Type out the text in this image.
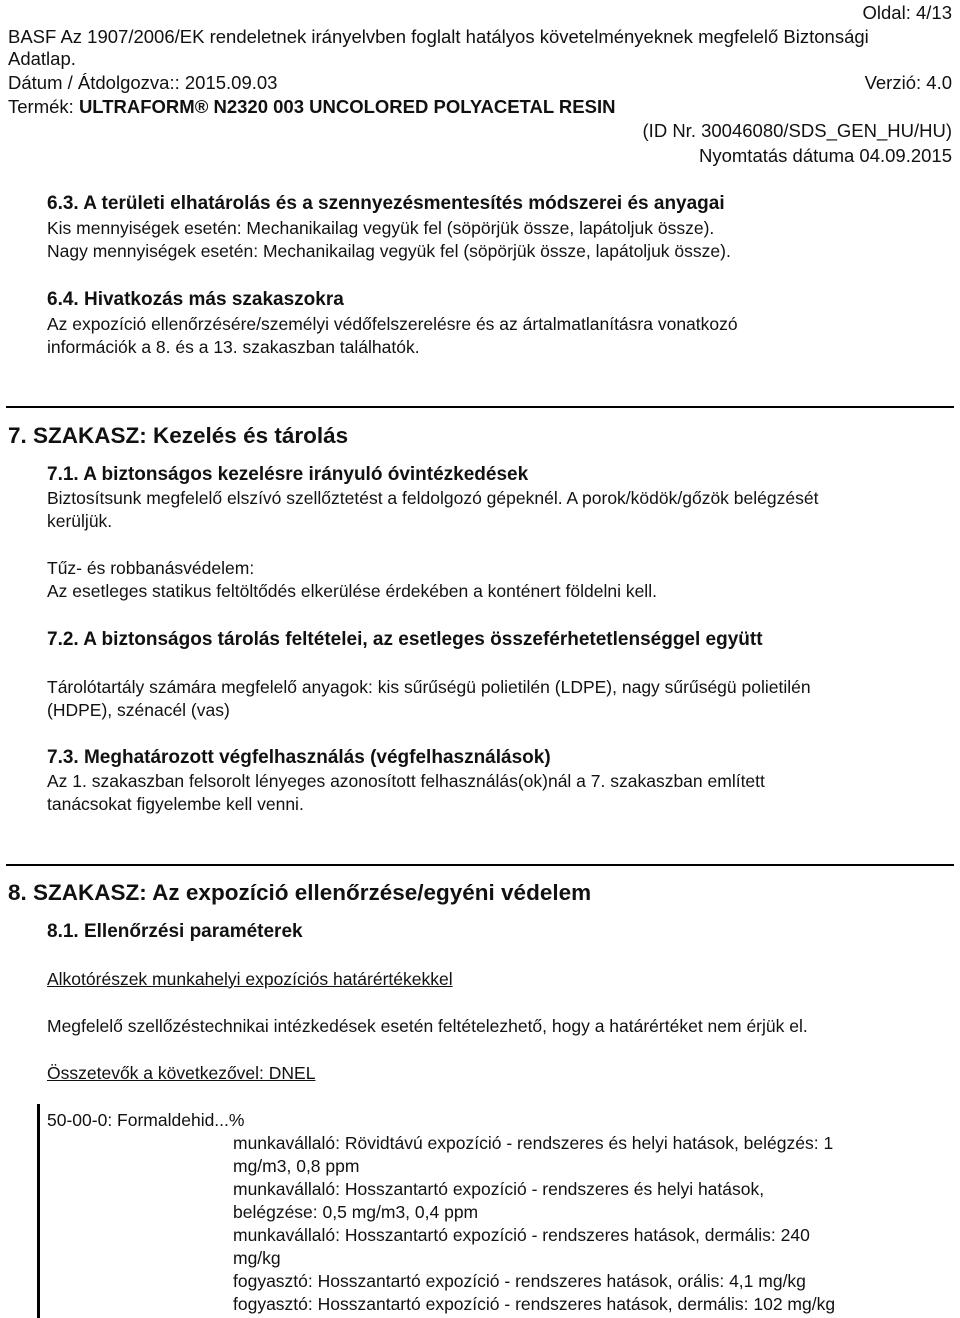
Oldal: 4/13
BASF Az 1907/2006/EK rendeletnek irányelvben foglalt hatályos követelményeknek megfelelő Biztonsági
Adatlap.
Dátum / Átdolgozva:: 2015.09.03	Verzió: 4.0
Termék: ULTRAFORM® N2320 003 UNCOLORED POLYACETAL RESIN
(ID Nr. 30046080/SDS_GEN_HU/HU)
Nyomtatás dátuma 04.09.2015
6.3. A területi elhatárolás és a szennyezésmentesítés módszerei és anyagai
Kis mennyiségek esetén: Mechanikailag vegyük fel (söpörjük össze, lapátoljuk össze).
Nagy mennyiségek esetén: Mechanikailag vegyük fel (söpörjük össze, lapátoljuk össze).
6.4. Hivatkozás más szakaszokra
Az expozíció ellenőrzésére/személyi védőfelszerelésre és az ártalmatlanításra vonatkozó
információk a 8. és a 13. szakaszban találhatók.
7. SZAKASZ: Kezelés és tárolás
7.1. A biztonságos kezelésre irányuló óvintézkedések
Biztosítsunk megfelelő elszívó szellőztetést a feldolgozó gépeknél. A porok/ködök/gőzök belégzését
kerüljük.
Tűz- és robbanásvédelem:
Az esetleges statikus feltöltődés elkerülése érdekében a konténert földelni kell.
7.2. A biztonságos tárolás feltételei, az esetleges összeférhetetlenséggel együtt
Tárolótartály számára megfelelő anyagok: kis sűrűségü polietilén (LDPE), nagy sűrűségü polietilén
(HDPE), szénacél (vas)
7.3. Meghatározott végfelhasználás (végfelhasználások)
Az 1. szakaszban felsorolt lényeges azonosított felhasználás(ok)nál a 7. szakaszban említett
tanácsokat figyelembe kell venni.
8. SZAKASZ: Az expozíció ellenőrzése/egyéni védelem
8.1. Ellenőrzési paraméterek
Alkotórészek munkahelyi expozíciós határértékekkel
Megfelelő szellőzéstechnikai intézkedések esetén feltételezhető, hogy a határértéket nem érjük el.
Összetevők a következővel: DNEL
50-00-0: Formaldehid...%
munkavállaló: Rövidtávú expozíció - rendszeres és helyi hatások, belégzés: 1
mg/m3, 0,8 ppm
munkavállaló: Hosszantartó expozíció - rendszeres és helyi hatások,
belégzése: 0,5 mg/m3, 0,4 ppm
munkavállaló: Hosszantartó expozíció - rendszeres hatások, dermális: 240
mg/kg
fogyasztó: Hosszantartó expozíció - rendszeres hatások, orális: 4,1 mg/kg
fogyasztó: Hosszantartó expozíció - rendszeres hatások, dermális: 102 mg/kg
